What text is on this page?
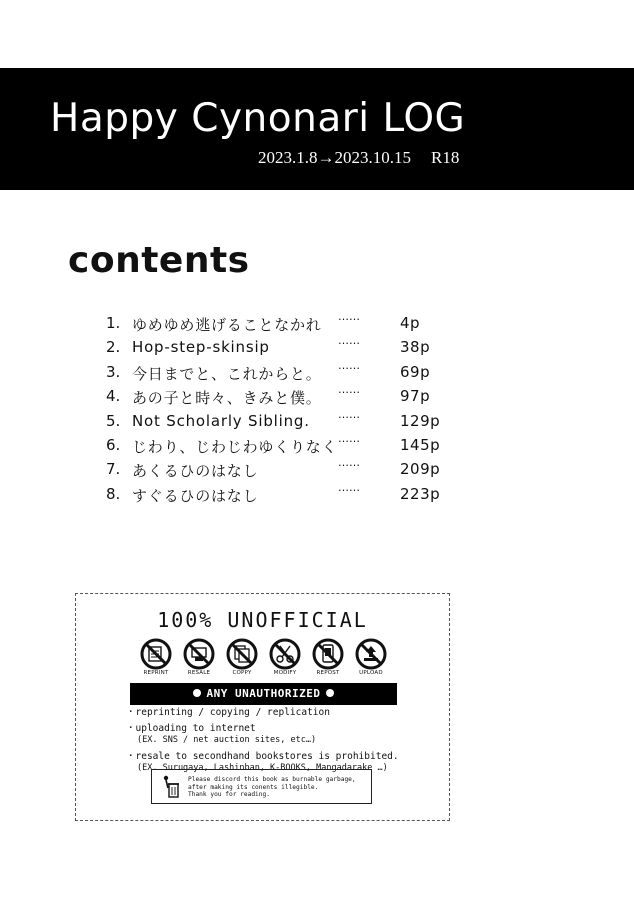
Happy Cynonari LOG
2023.1.8→2023.10.15 R18
contents
1. ゆめゆめ逃げることなかれ ……	4p
2. Hop-step-skinsip	……	38p
3. 今日までと、これからと。 ……	69p
4. あの子と時々、きみと僕。 ……	97p
5. Not Scholarly Sibling.	……	129p
6. じわり、じわじわゆくりなく ……	145p
7. あくるひのはなし	……	209p
8. すぐるひのはなし	……	223p
100% UNOFFICIAL
REPRINT	RESALE	COPPY	MODIFY	REPOST	UPLOAD
ANY UNAUTHORIZED

・reprinting / copying / replication

・uploading to internet
(EX. SNS / net auction sites, etc…)

・resale to secondhand bookstores is prohibited.
(EX. Surugaya, Lashinban, K-BOOKS, Mangadarake …)

Please discord this book as burnable garbage,
after making its conents illegible.
Thank you for reading.
